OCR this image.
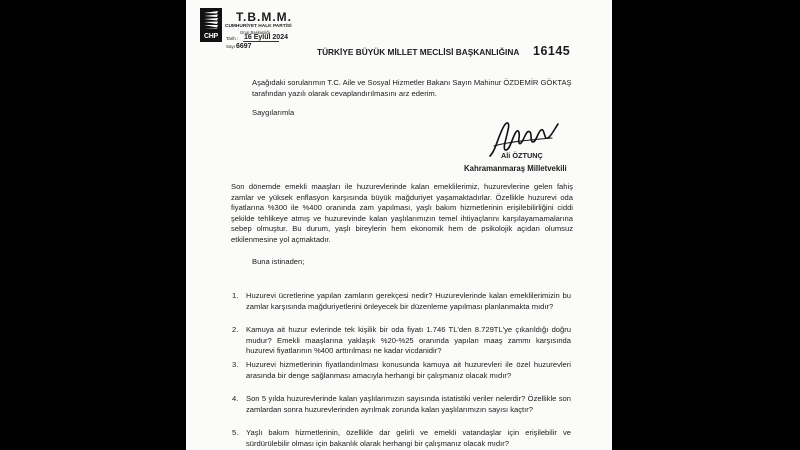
CHP
T.B.M.M.
CUMHURİYET HALK PARTİSİ
Grup Başkanlığı
Tarih : 16 Eylül 2024
Sayı :
6697
TÜRKİYE BÜYÜK MİLLET MECLİSİ BAŞKANLIĞINA 16145

Aşağıdaki sorularımın T.C. Aile ve Sosyal Hizmetler Bakanı Sayın Mahinur ÖZDEMİR GÖKTAŞ tarafından yazılı olarak cevaplandırılmasını arz ederim.

Saygılarımla

Ali ÖZTUNÇ
Kahramanmaraş Milletvekili

Son dönemde emekli maaşları ile huzurevlerinde kalan emeklilerimiz, huzurevlerine gelen fahiş zamlar ve yüksek enflasyon karşısında büyük mağduriyet yaşamaktadırlar. Özellikle huzurevi oda fiyatlarına %300 ile %400 oranında zam yapılması, yaşlı bakım hizmetlerinin erişilebilirliğini ciddi şekilde tehlikeye atmış ve huzurevinde kalan yaşlılarımızın temel ihtiyaçlarını karşılayamamalarına sebep olmuştur. Bu durum, yaşlı bireylerin hem ekonomik hem de psikolojik açıdan olumsuz etkilenmesine yol açmaktadır.

Buna istinaden;

1. Huzurevi ücretlerine yapılan zamların gerekçesi nedir? Huzurevlerinde kalan emeklilerimizin bu zamlar karşısında mağduriyetlerini önleyecek bir düzenleme yapılması planlanmakta mıdır?
2. Kamuya ait huzur evlerinde tek kişilik bir oda fiyatı 1.746 TL'den 8.729TL'ye çıkarıldığı doğru mudur? Emekli maaşlarına yaklaşık %20-%25 oranında yapılan maaş zammı karşısında huzurevi fiyatlarının %400 arttırılması ne kadar vicdanidir?
3. Huzurevi hizmetlerinin fiyatlandırılması konusunda kamuya ait huzurevleri ile özel huzurevleri arasında bir denge sağlanması amacıyla herhangi bir çalışmanız olacak mıdır?
4. Son 5 yılda huzurevlerinde kalan yaşlılarımızın sayısında istatistiki veriler nelerdir? Özellikle son zamlardan sonra huzurevlerinden ayrılmak zorunda kalan yaşlılarımızın sayısı kaçtır?
5. Yaşlı bakım hizmetlerinin, özellikle dar gelirli ve emekli vatandaşlar için erişilebilir ve sürdürülebilir olması için bakanlık olarak herhangi bir çalışmanız olacak mıdır?
